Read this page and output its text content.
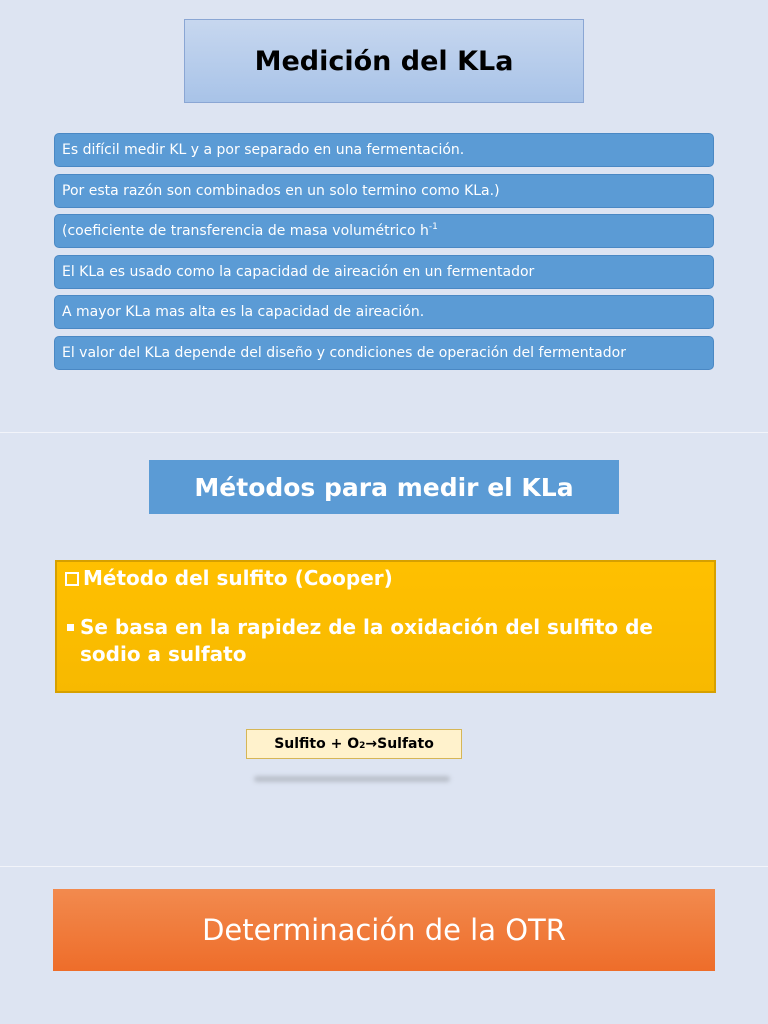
Medición del KLa
Es difícil medir KL y a por separado en una fermentación.
Por esta razón son combinados en un solo termino como KLa.)
(coeficiente de transferencia de masa volumétrico $h^{-1}$
El KLa es usado como la capacidad de aireación en un fermentador
A mayor KLa mas alta es la capacidad de aireación.
El valor del KLa depende del diseño y condiciones de operación del fermentador
Métodos para medir el KLa
Método del sulfito (Cooper)
Se basa en la rapidez de la oxidación del sulfito de sodio a sulfato
Sulfito + $O_2$ → Sulfato
Determinación de la OTR
